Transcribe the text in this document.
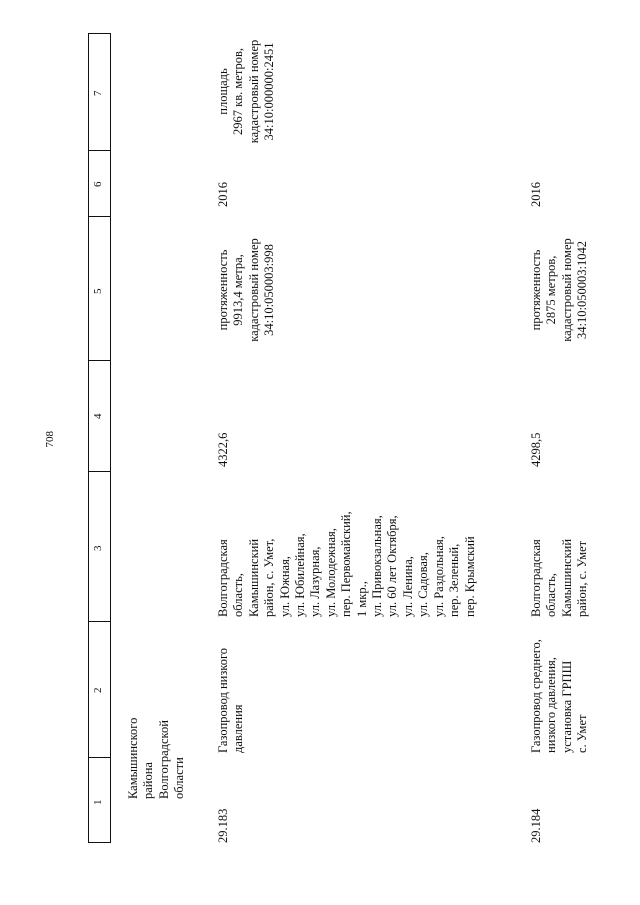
708
1
2
3
4
5
6
7
Камышинского района Волгоградской области
29.183
Газопровод низкого давления
Волгоградская область, Камышинский район, с. Умет, ул. Южная, ул. Юбилейная, ул. Лазурная, ул. Молодежная, пер. Первомайский, 1 мкр., ул. Привокзальная, ул. 60 лет Октября, ул. Ленина, ул. Садовая, ул. Раздольная, пер. Зеленый, пер. Крымский
4322,6
протяженность 9913,4 метра, кадастровый номер 34:10:050003:998
2016
площадь 2967 кв. метров, кадастровый номер 34:10:000000:2451
29.184
Газопровод среднего, низкого давления, установка ГРПШ с. Умет
Волгоградская область, Камышинский район, с. Умет
4298,5
протяженность 2875 метров, кадастровый номер 34:10:050003:1042
2016
